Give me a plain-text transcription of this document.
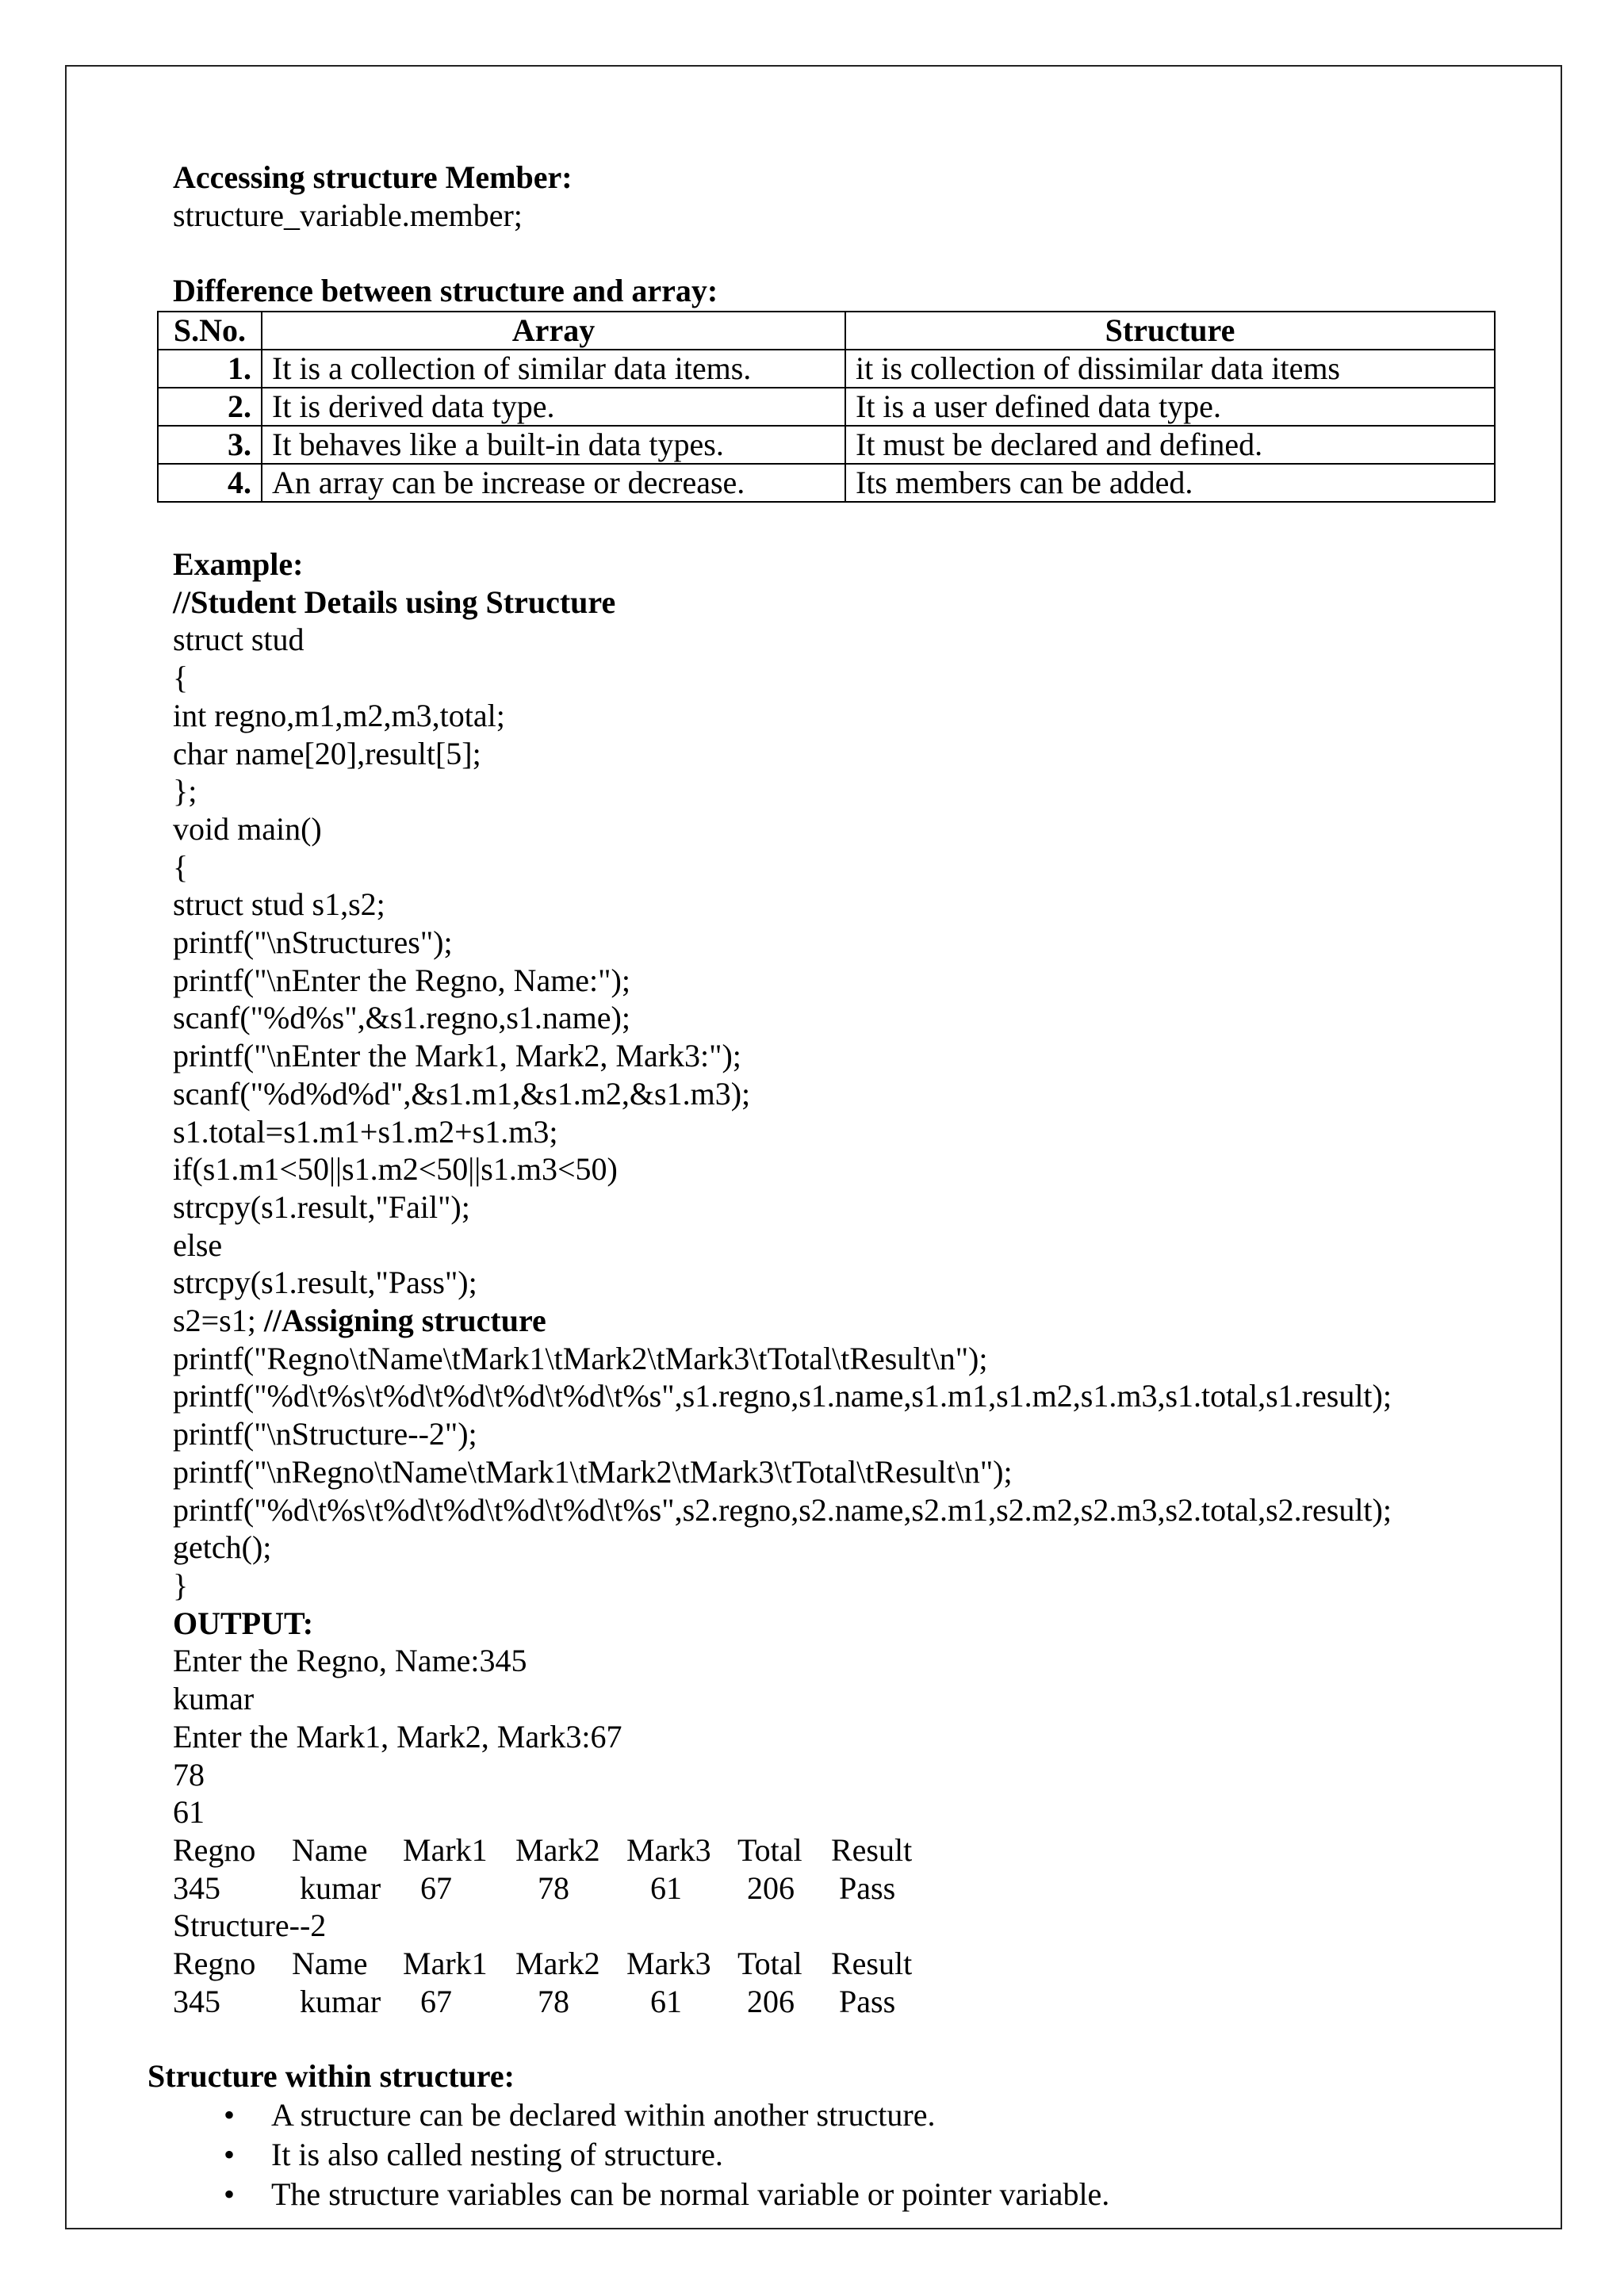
Accessing structure Member:

structure_variable.member;

Difference between structure and array:

S.No.	Array	Structure
1.	It is a collection of similar data items.	it is collection of dissimilar data items
2.	It is derived data type.	It is a user defined data type.
3.	It behaves like a built-in data types.	It must be declared and defined.
4.	An array can be increase or decrease.	Its members can be added.

Example:

//Student Details using Structure

struct stud

{

int regno,m1,m2,m3,total;

char name[20],result[5];

};

void main()

{

struct stud s1,s2;

printf("\nStructures");

printf("\nEnter the Regno, Name:");

scanf("%d%s",&s1.regno,s1.name);

printf("\nEnter the Mark1, Mark2, Mark3:");

scanf("%d%d%d",&s1.m1,&s1.m2,&s1.m3);

s1.total=s1.m1+s1.m2+s1.m3;

if(s1.m1<50||s1.m2<50||s1.m3<50)

strcpy(s1.result,"Fail");

else

strcpy(s1.result,"Pass");

s2=s1; //Assigning structure

printf("Regno\tName\tMark1\tMark2\tMark3\tTotal\tResult\n");

printf("%d\t%s\t%d\t%d\t%d\t%d\t%s",s1.regno,s1.name,s1.m1,s1.m2,s1.m3,s1.total,s1.result);

printf("\nStructure--2");

printf("\nRegno\tName\tMark1\tMark2\tMark3\tTotal\tResult\n");

printf("%d\t%s\t%d\t%d\t%d\t%d\t%s",s2.regno,s2.name,s2.m1,s2.m2,s2.m3,s2.total,s2.result);

getch();

}

OUTPUT:

Enter the Regno, Name:345

kumar

Enter the Mark1, Mark2, Mark3:67

78

61

Regno	Name	Mark1	Mark2	Mark3	Total	Result
345	kumar	67	78	61	206	Pass

Structure--2

Regno	Name	Mark1	Mark2	Mark3	Total	Result
345	kumar	67	78	61	206	Pass

Structure within structure:

• A structure can be declared within another structure.
• It is also called nesting of structure.
• The structure variables can be normal variable or pointer variable.
